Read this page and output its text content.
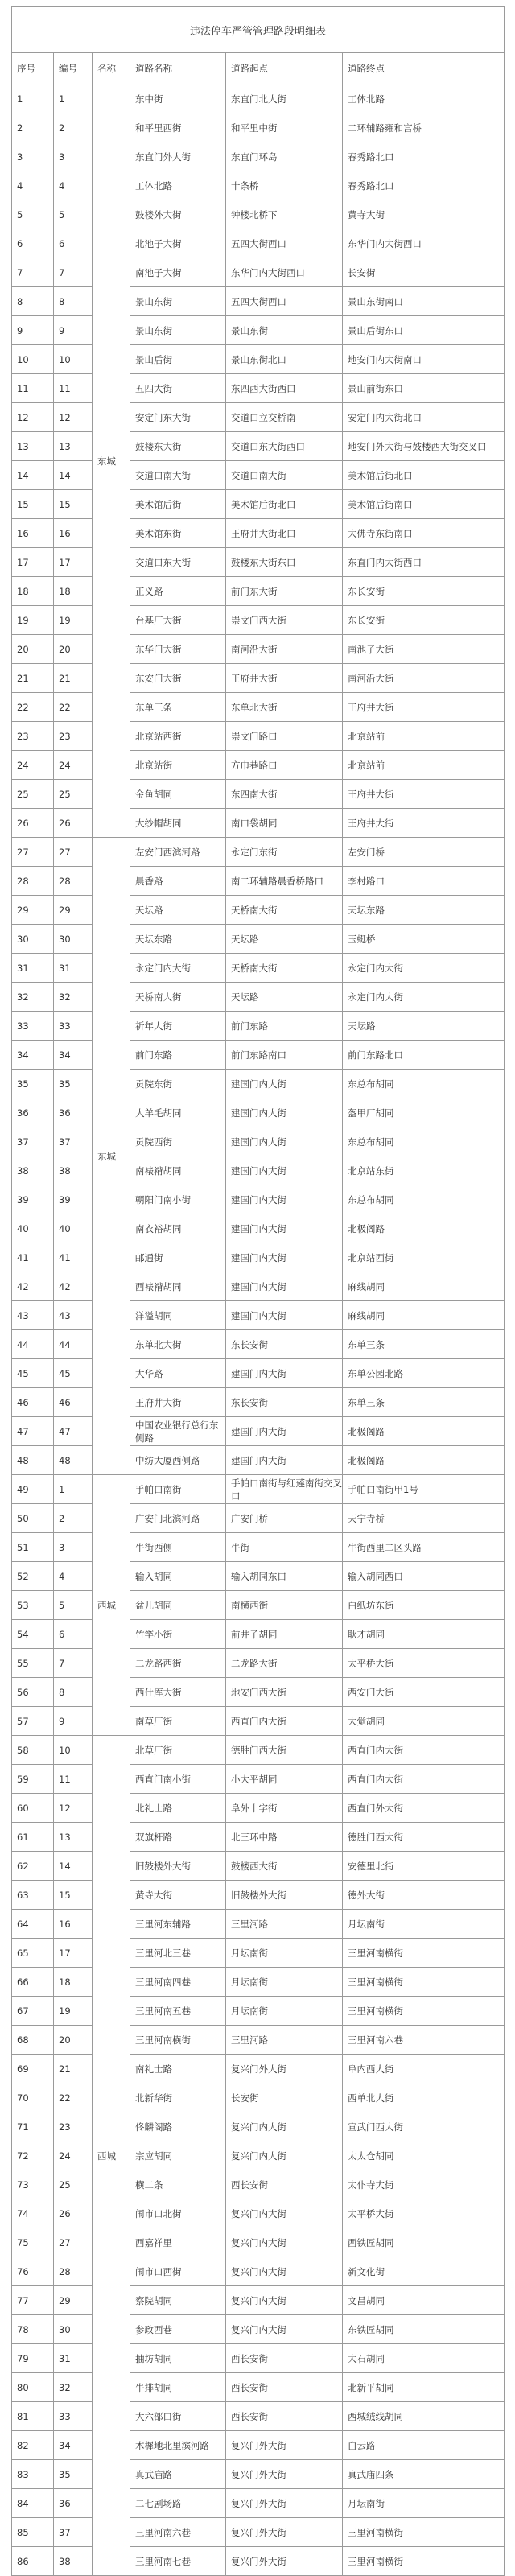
违法停车严管管理路段明细表					
序号	编号	名称	道路名称	道路起点	道路终点
1	1	东城	东中街	东直门北大街	工体北路
2	2		和平里西街	和平里中街	二环辅路雍和宫桥
3	3		东直门外大街	东直门环岛	春秀路北口
4	4		工体北路	十条桥	春秀路北口
5	5		鼓楼外大街	钟楼北桥下	黄寺大街
6	6		北池子大街	五四大街西口	东华门内大街西口
7	7		南池子大街	东华门内大街西口	长安街
8	8		景山东街	五四大街西口	景山东街南口
9	9		景山东街	景山东街	景山后街东口
10	10		景山后街	景山东街北口	地安门内大街南口
11	11		五四大街	东四西大街西口	景山前街东口
12	12		安定门东大街	交道口立交桥南	安定门内大街北口
13	13		鼓楼东大街	交道口东大街西口	地安门外大街与鼓楼西大街交叉口
14	14		交道口南大街	交道口南大街	美术馆后街北口
15	15		美术馆后街	美术馆后街北口	美术馆后街南口
16	16		美术馆东街	王府井大街北口	大佛寺东街南口
17	17		交道口东大街	鼓楼东大街东口	东直门内大街西口
18	18		正义路	前门东大街	东长安街
19	19		台基厂大街	崇文门西大街	东长安街
20	20		东华门大街	南河沿大街	南池子大街
21	21		东安门大街	王府井大街	南河沿大街
22	22		东单三条	东单北大街	王府井大街
23	23		北京站西街	崇文门路口	北京站前
24	24		北京站街	方巾巷路口	北京站前
25	25		金鱼胡同	东四南大街	王府井大街
26	26		大纱帽胡同	南口袋胡同	王府井大街
27	27	东城	左安门西滨河路	永定门东街	左安门桥
28	28		晨香路	南二环辅路晨香桥路口	李村路口
29	29		天坛路	天桥南大街	天坛东路
30	30		天坛东路	天坛路	玉蜓桥
31	31		永定门内大街	天桥南大街	永定门内大街
32	32		天桥南大街	天坛路	永定门内大街
33	33		祈年大街	前门东路	天坛路
34	34		前门东路	前门东路南口	前门东路北口
35	35		贡院东街	建国门内大街	东总布胡同
36	36		大羊毛胡同	建国门内大街	盔甲厂胡同
37	37		贡院西街	建国门内大街	东总布胡同
38	38		南裱褙胡同	建国门内大街	北京站东街
39	39		朝阳门南小街	建国门内大街	东总布胡同
40	40		南衣裕胡同	建国门内大街	北极阁路
41	41		邮通街	建国门内大街	北京站西街
42	42		西裱褙胡同	建国门内大街	麻线胡同
43	43		洋溢胡同	建国门内大街	麻线胡同
44	44		东单北大街	东长安街	东单三条
45	45		大华路	建国门内大街	东单公园北路
46	46		王府井大街	东长安街	东单三条
47	47		中国农业银行总行东侧路	建国门内大街	北极阁路
48	48		中纺大厦西侧路	建国门内大街	北极阁路
49	1	西城	手帕口南街	手帕口南街与红莲南街交叉口	手帕口南街甲1号
50	2		广安门北滨河路	广安门桥	天宁寺桥
51	3		牛街西侧	牛街	牛街西里二区头路
52	4		输入胡同	输入胡同东口	输入胡同西口
53	5		盆儿胡同	南横西街	白纸坊东街
54	6		竹竿小街	前井子胡同	耿才胡同
55	7		二龙路西街	二龙路大街	太平桥大街
56	8		西什库大街	地安门西大街	西安门大街
57	9		南草厂街	西直门内大街	大觉胡同
58	10	西城	北草厂街	德胜门西大街	西直门内大街
59	11		西直门南小街	小大平胡同	西直门内大街
60	12		北礼士路	阜外十字街	西直门外大街
61	13		双旗杆路	北三环中路	德胜门西大街
62	14		旧鼓楼外大街	鼓楼西大街	安德里北街
63	15		黄寺大街	旧鼓楼外大街	德外大街
64	16		三里河东辅路	三里河路	月坛南街
65	17		三里河北三巷	月坛南街	三里河南横街
66	18		三里河南四巷	月坛南街	三里河南横街
67	19		三里河南五巷	月坛南街	三里河南横街
68	20		三里河南横街	三里河路	三里河南六巷
69	21		南礼士路	复兴门外大街	阜内西大街
70	22		北新华街	长安街	西单北大街
71	23		佟麟阁路	复兴门内大街	宣武门西大街
72	24		宗应胡同	复兴门内大街	太太仓胡同
73	25		横二条	西长安街	太仆寺大街
74	26		闹市口北街	复兴门内大街	太平桥大街
75	27		西嘉祥里	复兴门内大街	西铁匠胡同
76	28		闹市口西街	复兴门内大街	新文化街
77	29		察院胡同	复兴门内大街	文昌胡同
78	30		参政西巷	复兴门内大街	东铁匠胡同
79	31		抽坊胡同	西长安街	大石胡同
80	32		牛排胡同	西长安街	北新平胡同
81	33		大六部口街	西长安街	西城绒线胡同
82	34		木樨地北里滨河路	复兴门外大街	白云路
83	35		真武庙路	复兴门外大街	真武庙四条
84	36		二七剧场路	复兴门外大街	月坛南街
85	37		三里河南六巷	复兴门外大街	三里河南横街
86	38		三里河南七巷	复兴门外大街	三里河南横街
